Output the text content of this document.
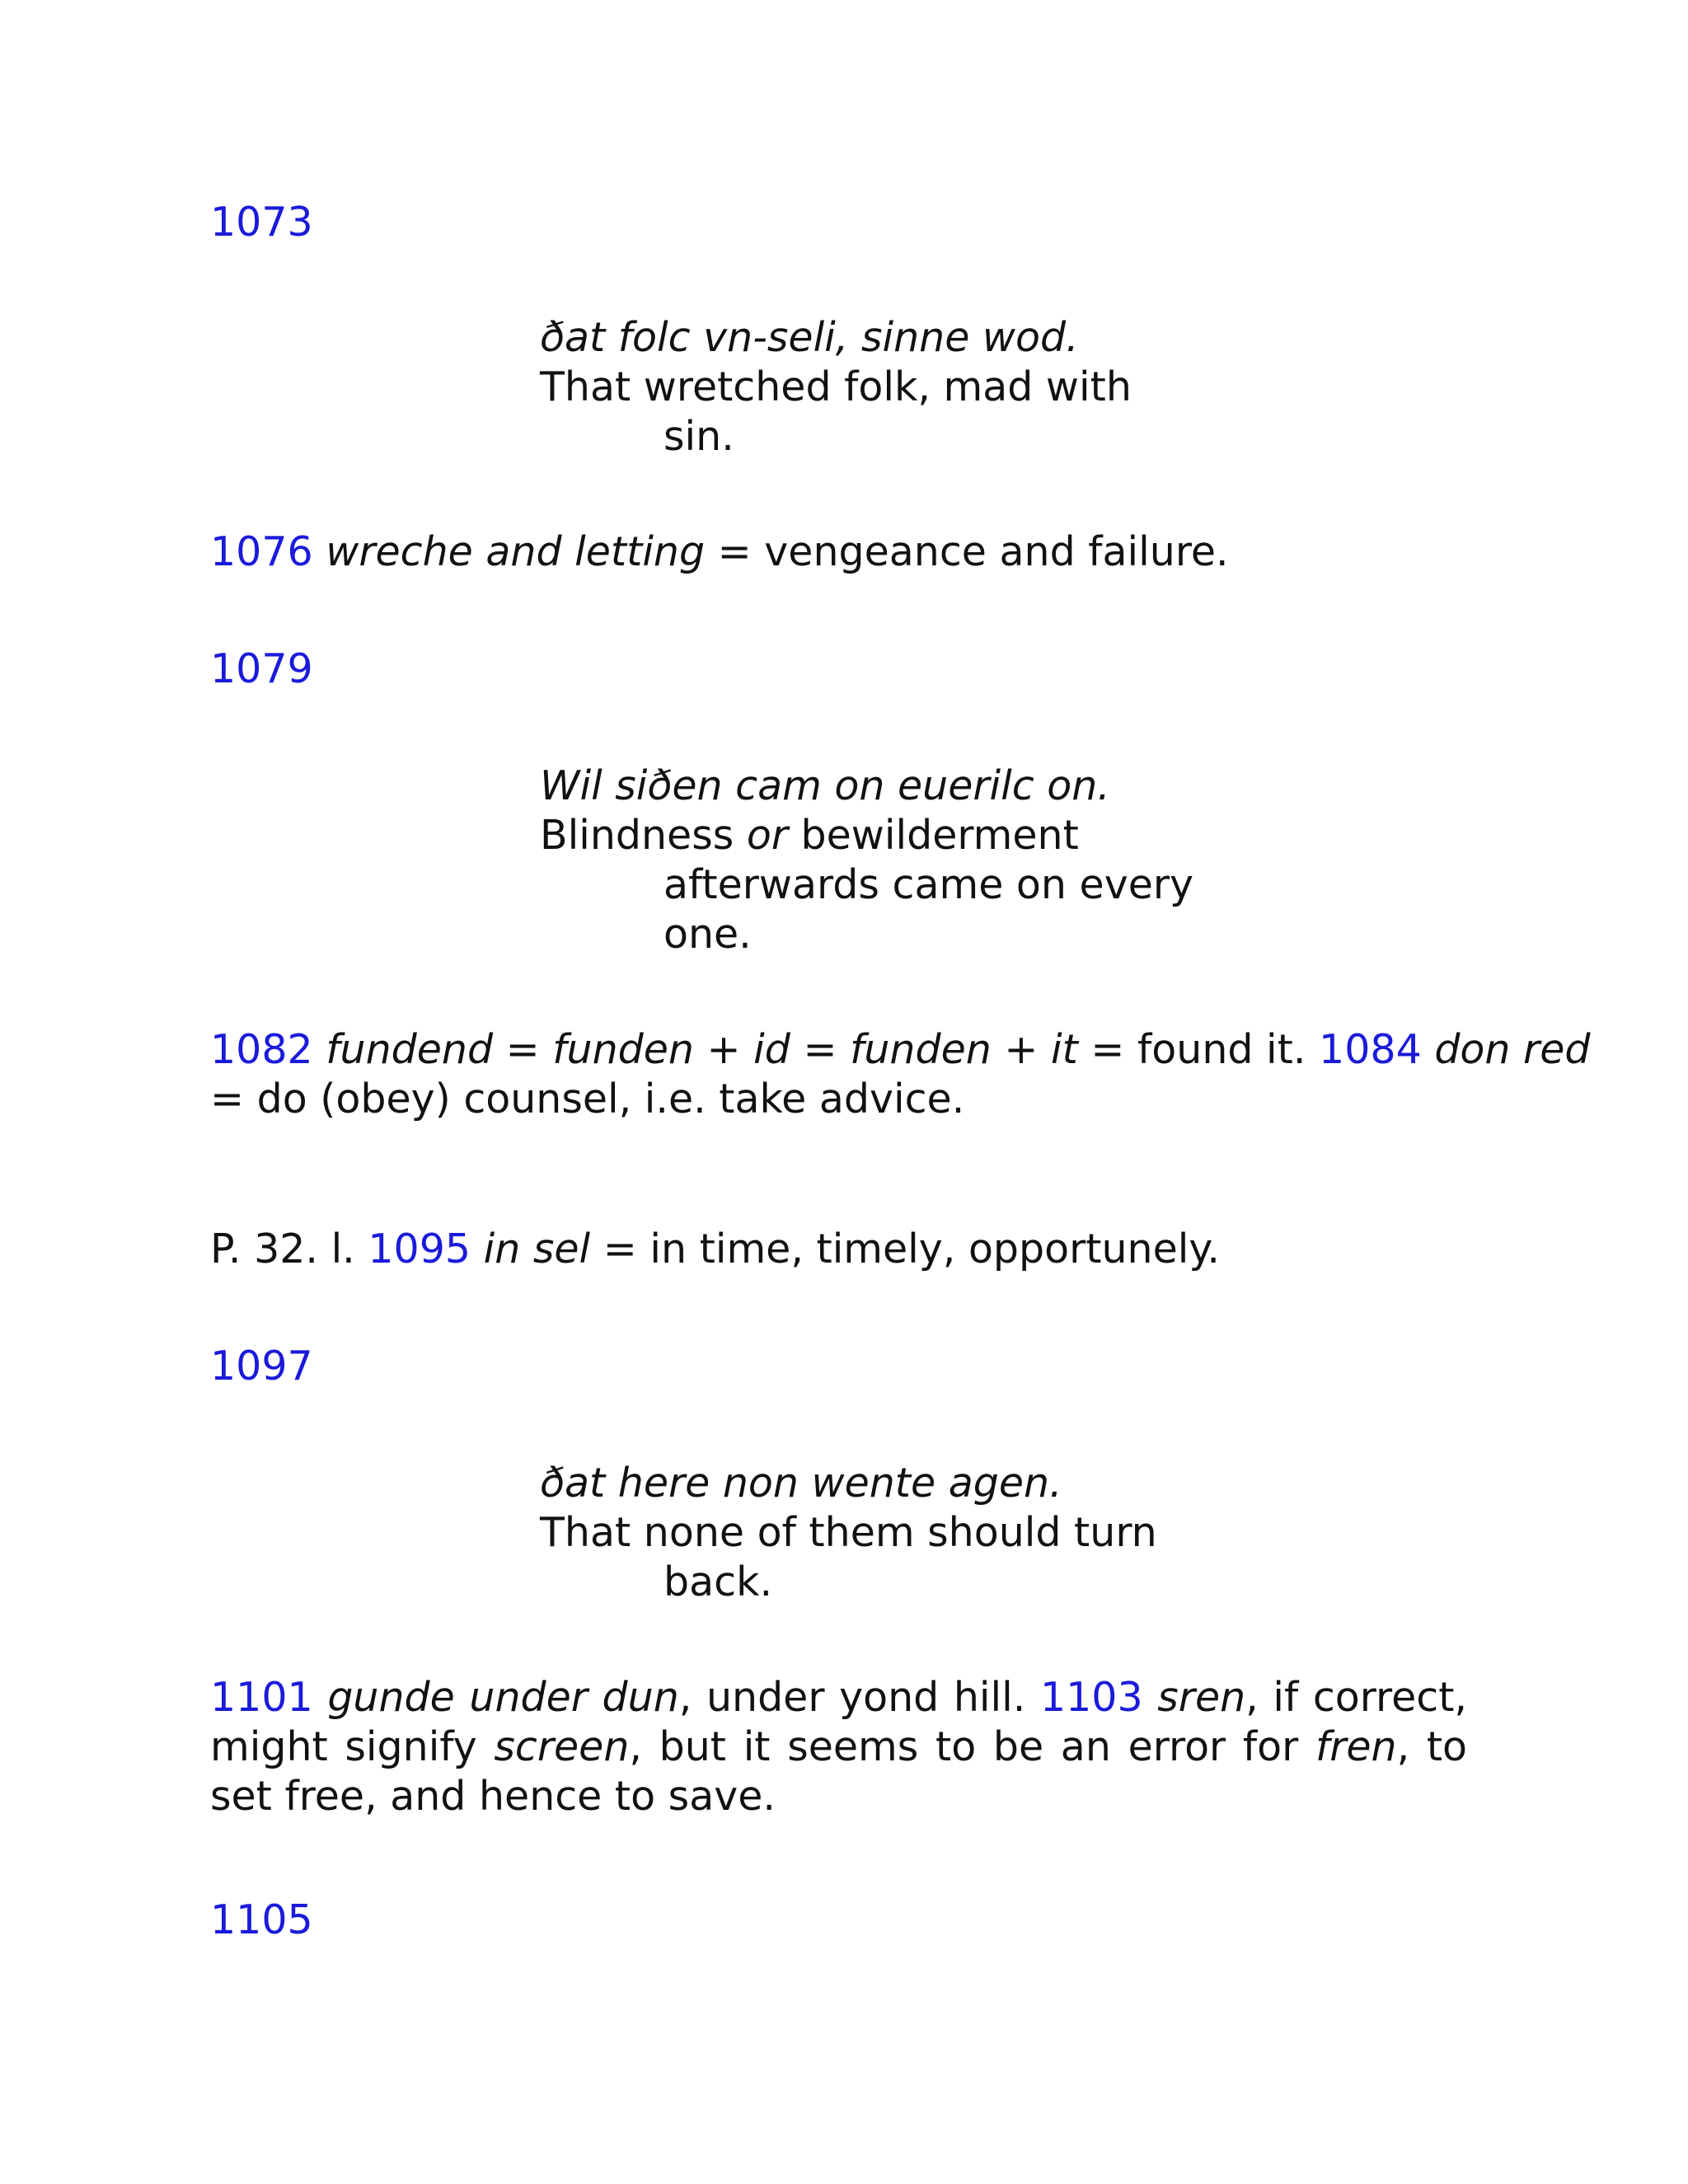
1073
ðat folc vn-seli, sinne wod.
That wretched folk, mad with
sin.
1076 wreche and letting = vengeance and failure.
1079
Wil siðen cam on euerilc on.
Blindness or bewilderment
afterwards came on every
one.
1082 fundend = funden + id = funden + it = found it. 1084 don red
= do (obey) counsel, i.e. take advice.
P. 32. l. 1095 in sel = in time, timely, opportunely.
1097
ðat here non wente agen.
That none of them should turn
back.
1101 gunde under dun, under yond hill. 1103 sren, if correct, might signify screen, but it seems to be an error for fren, to set free, and hence to save.
1105
